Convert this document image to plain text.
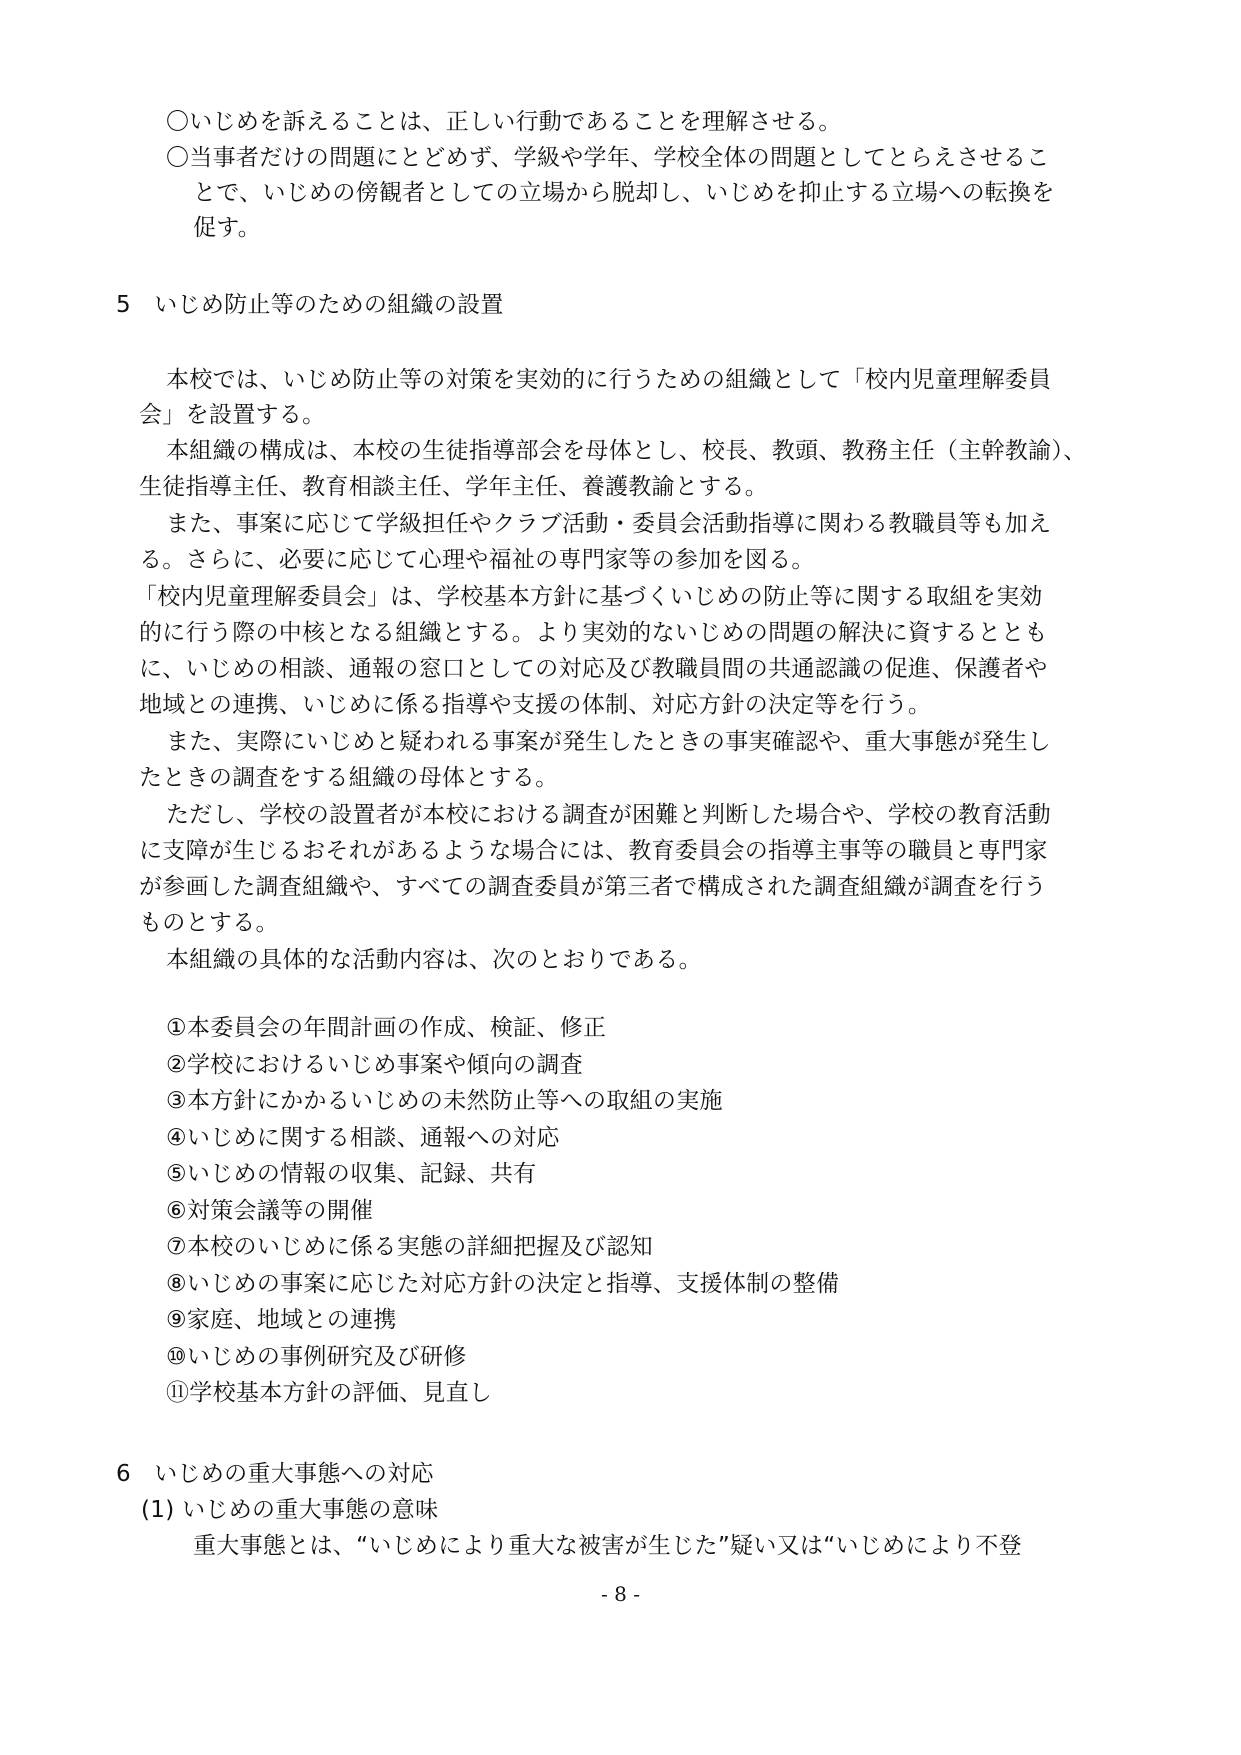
〇いじめを訴えることは、正しい行動であることを理解させる。
〇当事者だけの問題にとどめず、学級や学年、学校全体の問題としてとらえさせるこ
とで、いじめの傍観者としての立場から脱却し、いじめを抑止する立場への転換を
促す。
5　いじめ防止等のための組織の設置
本校では、いじめ防止等の対策を実効的に行うための組織として「校内児童理解委員
会」を設置する。
本組織の構成は、本校の生徒指導部会を母体とし、校長、教頭、教務主任（主幹教諭）、
生徒指導主任、教育相談主任、学年主任、養護教諭とする。
また、事案に応じて学級担任やクラブ活動・委員会活動指導に関わる教職員等も加え
る。さらに、必要に応じて心理や福祉の専門家等の参加を図る。
「校内児童理解委員会」は、学校基本方針に基づくいじめの防止等に関する取組を実効
的に行う際の中核となる組織とする。より実効的ないじめの問題の解決に資するととも
に、いじめの相談、通報の窓口としての対応及び教職員間の共通認識の促進、保護者や
地域との連携、いじめに係る指導や支援の体制、対応方針の決定等を行う。
また、実際にいじめと疑われる事案が発生したときの事実確認や、重大事態が発生し
たときの調査をする組織の母体とする。
ただし、学校の設置者が本校における調査が困難と判断した場合や、学校の教育活動
に支障が生じるおそれがあるような場合には、教育委員会の指導主事等の職員と専門家
が参画した調査組織や、すべての調査委員が第三者で構成された調査組織が調査を行う
ものとする。
本組織の具体的な活動内容は、次のとおりである。
①本委員会の年間計画の作成、検証、修正
②学校におけるいじめ事案や傾向の調査
③本方針にかかるいじめの未然防止等への取組の実施
④いじめに関する相談、通報への対応
⑤いじめの情報の収集、記録、共有
⑥対策会議等の開催
⑦本校のいじめに係る実態の詳細把握及び認知
⑧いじめの事案に応じた対応方針の決定と指導、支援体制の整備
⑨家庭、地域との連携
⑩いじめの事例研究及び研修
⑪学校基本方針の評価、見直し
6　いじめの重大事態への対応
(1) いじめの重大事態の意味
重大事態とは、“いじめにより重大な被害が生じた”疑い又は“いじめにより不登
- 8 -
